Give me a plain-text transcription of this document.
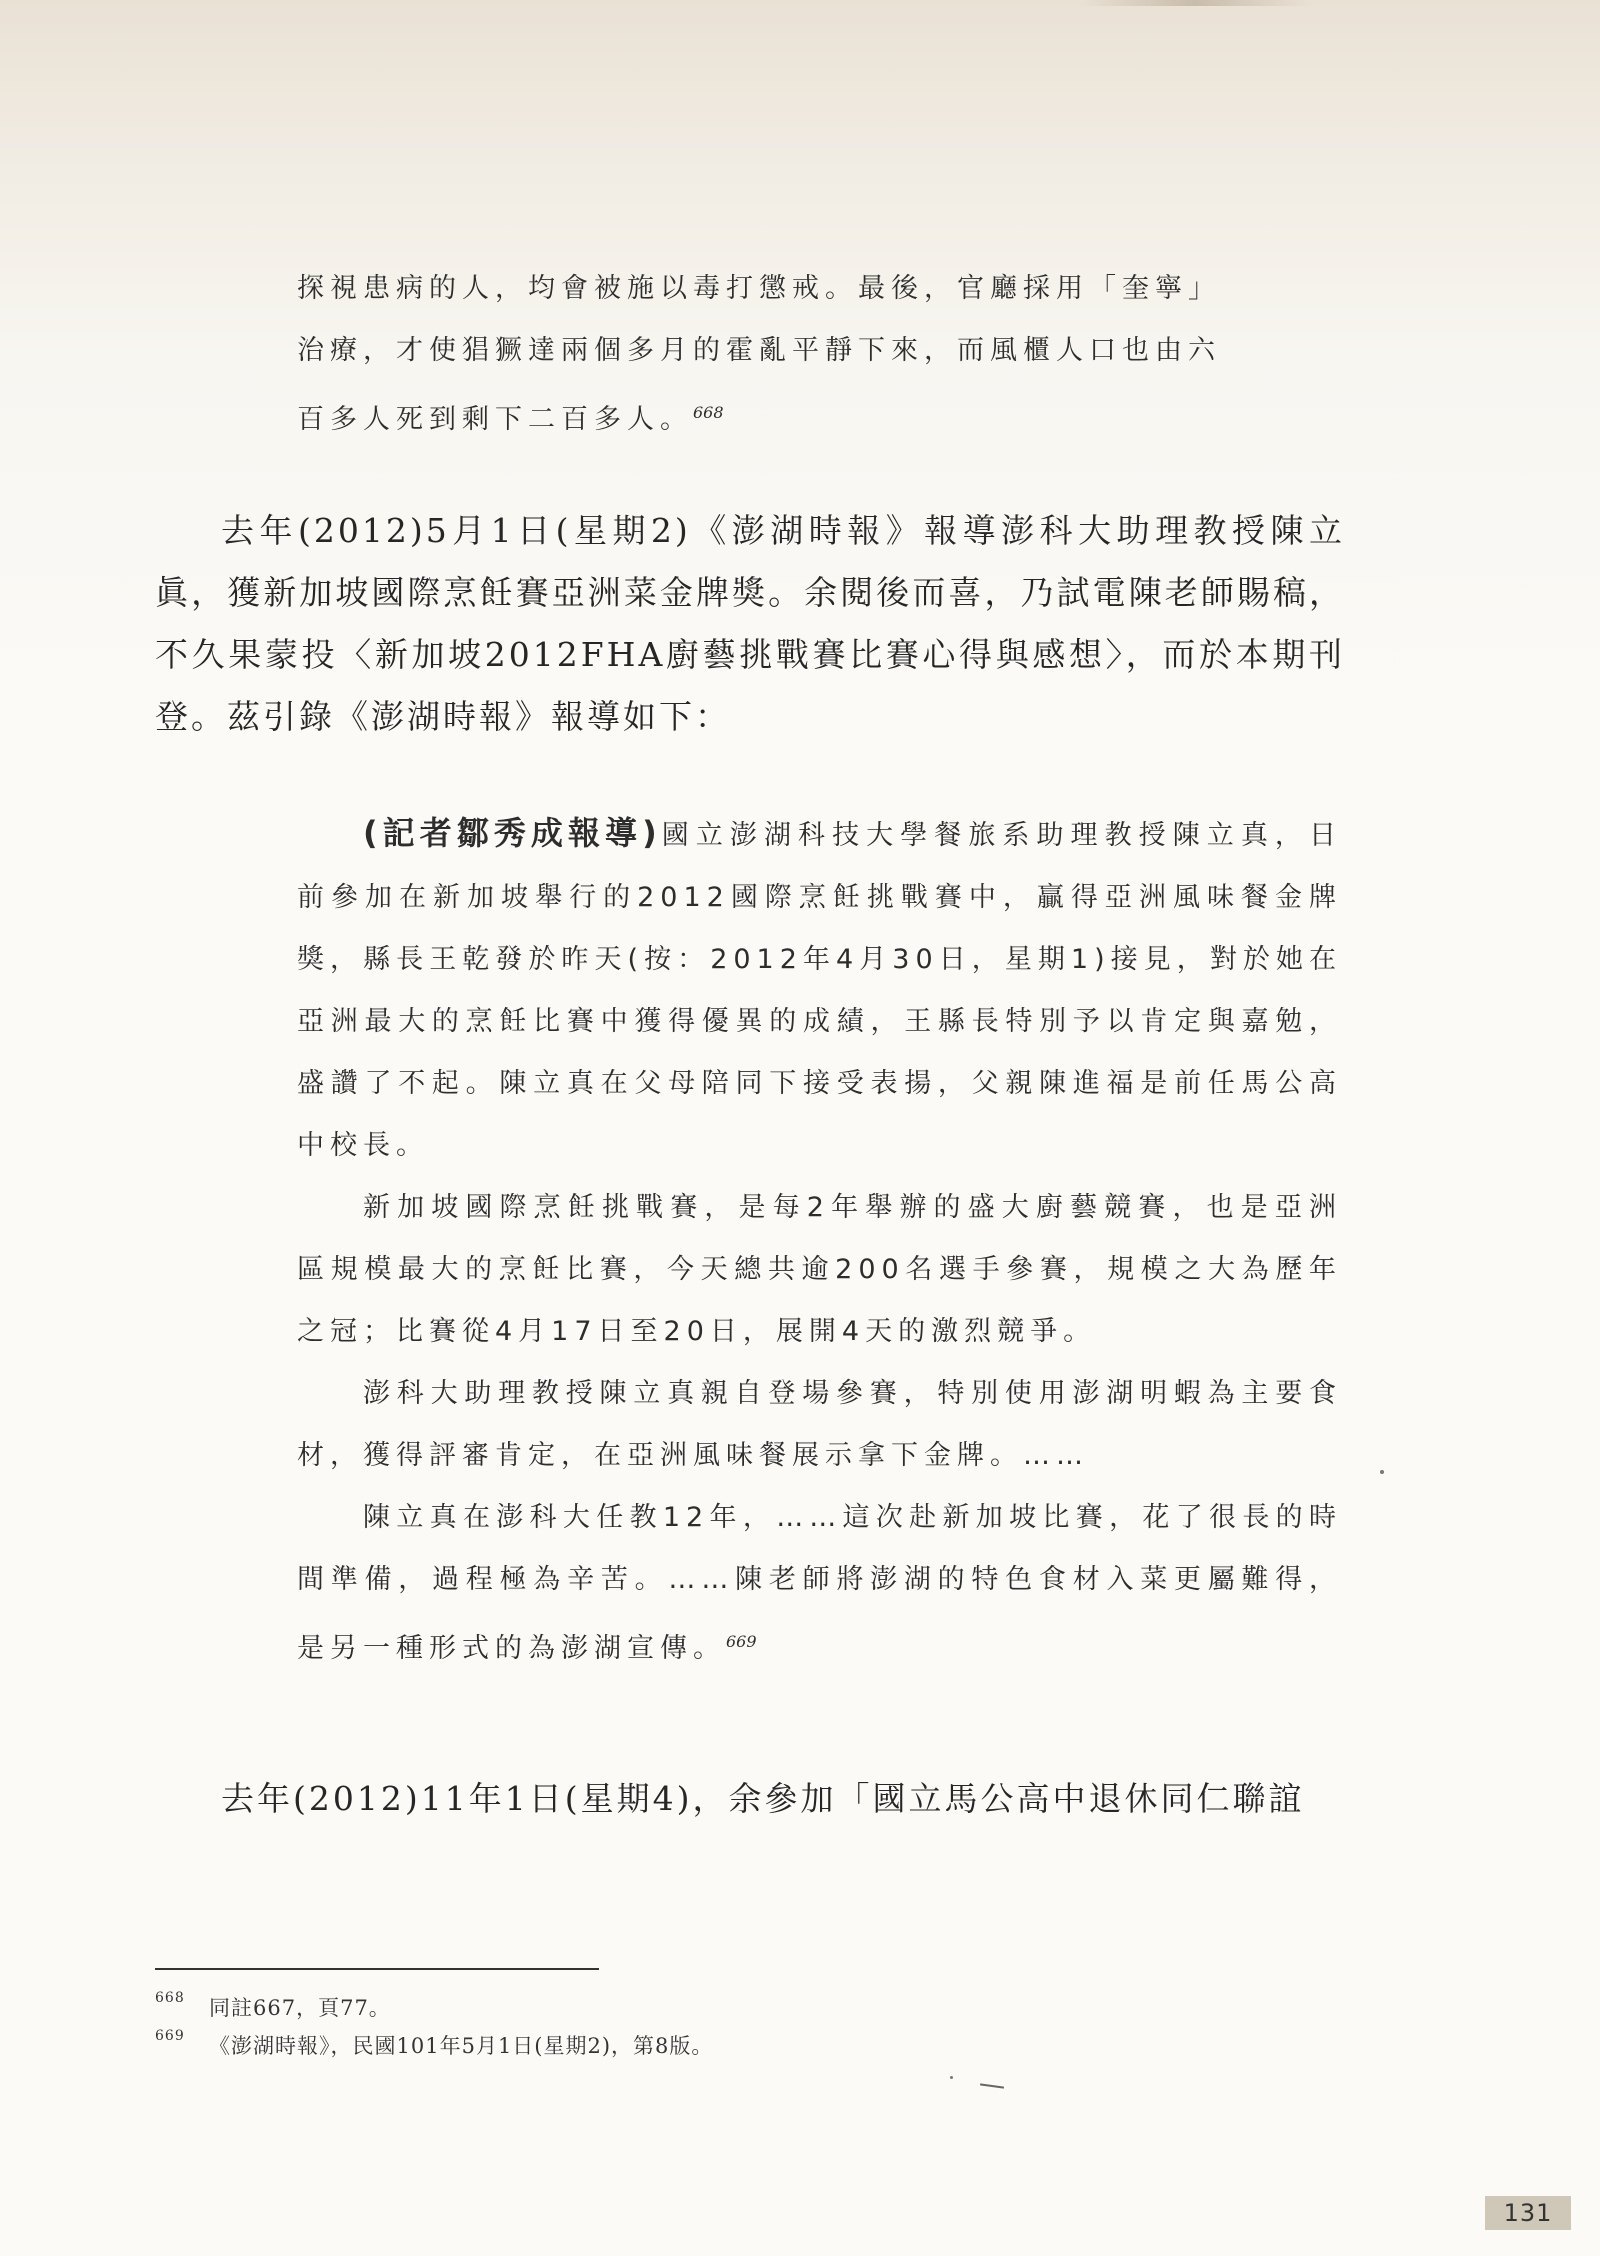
探視患病的人，均會被施以毒打懲戒。最後，官廳採用「奎寧」

治療，才使猖獗達兩個多月的霍亂平靜下來，而風櫃人口也由六

百多人死到剩下二百多人。$^{668}$

去年(2012)5月1日(星期2)《澎湖時報》報導澎科大助理教授陳立眞，獲新加坡國際烹飪賽亞洲菜金牌獎。余閱後而喜，乃試電陳老師賜稿，不久果蒙投〈新加坡2012FHA廚藝挑戰賽比賽心得與感想〉，而於本期刊登。茲引錄《澎湖時報》報導如下：

(記者鄒秀成報導)國立澎湖科技大學餐旅系助理教授陳立真，日前參加在新加坡舉行的2012國際烹飪挑戰賽中，贏得亞洲風味餐金牌獎，縣長王乾發於昨天(按：2012年4月30日，星期1)接見，對於她在亞洲最大的烹飪比賽中獲得優異的成績，王縣長特別予以肯定與嘉勉，盛讚了不起。陳立真在父母陪同下接受表揚，父親陳進福是前任馬公高中校長。

新加坡國際烹飪挑戰賽，是每2年舉辦的盛大廚藝競賽，也是亞洲區規模最大的烹飪比賽，今天總共逾200名選手參賽，規模之大為歷年之冠；比賽從4月17日至20日，展開4天的激烈競爭。

澎科大助理教授陳立真親自登場參賽，特別使用澎湖明蝦為主要食材，獲得評審肯定，在亞洲風味餐展示拿下金牌。……

陳立真在澎科大任教12年，……這次赴新加坡比賽，花了很長的時間準備，過程極為辛苦。……陳老師將澎湖的特色食材入菜更屬難得，是另一種形式的為澎湖宣傳。$^{669}$

去年(2012)11年1日(星期4)，余參加「國立馬公高中退休同仁聯誼

668 同註667，頁77。
669 《澎湖時報》，民國101年5月1日(星期2)，第8版。
131
